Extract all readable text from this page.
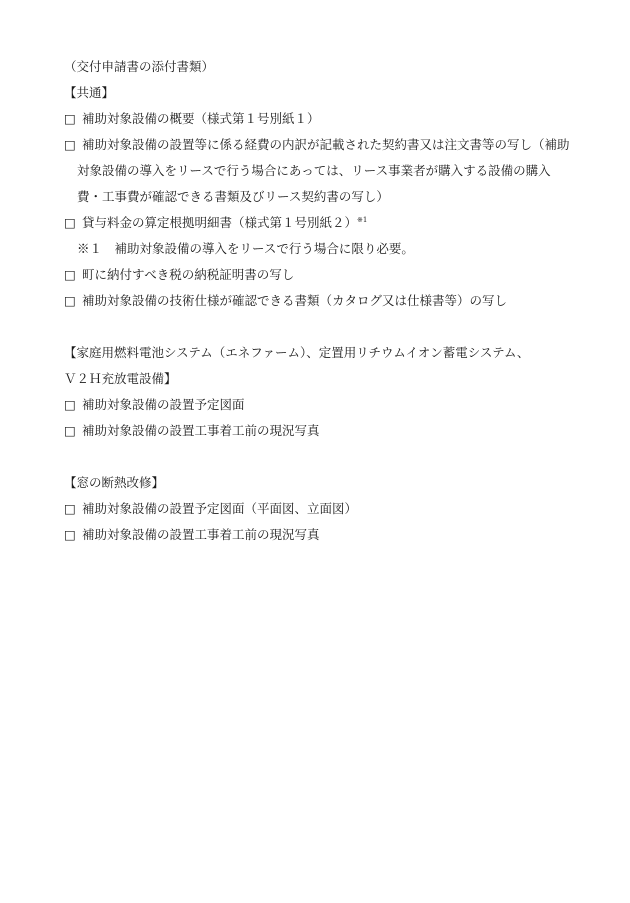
（交付申請書の添付書類）
【共通】
□ 補助対象設備の概要（様式第１号別紙１）
□ 補助対象設備の設置等に係る経費の内訳が記載された契約書又は注文書等の写し（補助
対象設備の導入をリースで行う場合にあっては、リース事業者が購入する設備の購入
費・工事費が確認できる書類及びリース契約書の写し）
□ 貸与料金の算定根拠明細書（様式第１号別紙２）$^{※1}$
※１　補助対象設備の導入をリースで行う場合に限り必要。
□ 町に納付すべき税の納税証明書の写し
□ 補助対象設備の技術仕様が確認できる書類（カタログ又は仕様書等）の写し
【家庭用燃料電池システム（エネファーム）、定置用リチウムイオン蓄電システム、
Ｖ２Ｈ充放電設備】
□ 補助対象設備の設置予定図面
□ 補助対象設備の設置工事着工前の現況写真
【窓の断熱改修】
□ 補助対象設備の設置予定図面（平面図、立面図）
□ 補助対象設備の設置工事着工前の現況写真
